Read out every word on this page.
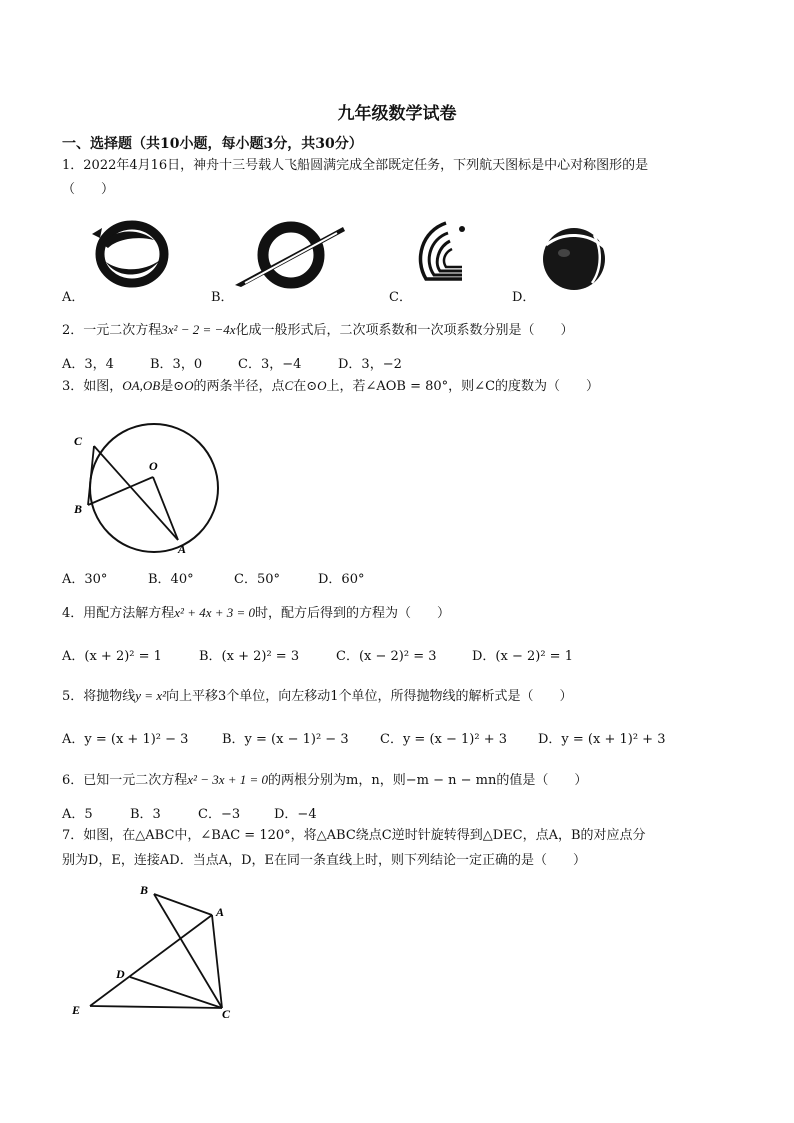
九年级数学试卷
一、选择题（共10小题，每小题3分，共30分）
1．2022年4月16日，神舟十三号载人飞船圆满完成全部既定任务，下列航天图标是中心对称图形的是
（　　）
A．	B．	C．	D．
2．一元二次方程3x² − 2 = −4x化成一般形式后，二次项系数和一次项系数分别是（　　）
A．3，4	B．3，0	C．3，−4	D．3，−2
3．如图，OA,OB是⊙O的两条半径，点C在⊙O上，若∠AOB = 80°，则∠C的度数为（　　）
C
O
B
A
A．30°	B．40°	C．50°	D．60°
4．用配方法解方程x² + 4x + 3 = 0时，配方后得到的方程为（　　）
A．(x + 2)² = 1	B．(x + 2)² = 3	C．(x − 2)² = 3	D．(x − 2)² = 1
5．将抛物线y = x²向上平移3个单位，向左移动1个单位，所得抛物线的解析式是（　　）
A．y = (x + 1)² − 3	B．y = (x − 1)² − 3 C．y = (x − 1)² + 3 D．y = (x + 1)² + 3
6．已知一元二次方程x² − 3x + 1 = 0的两根分别为m，n，则−m − n − mn的值是（　　）
A．5	B．3	C．−3	D．−4
7．如图，在△ABC中，∠BAC = 120°，将△ABC绕点C逆时针旋转得到△DEC，点A，B的对应点分
别为D，E，连接AD．当点A，D，E在同一条直线上时，则下列结论一定正确的是（　　）
B
A
D
E	C
